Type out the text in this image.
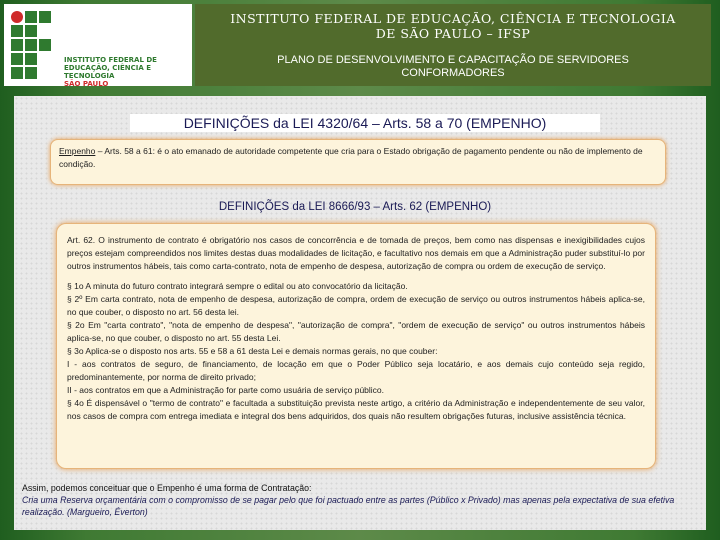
INSTITUTO FEDERAL DE
EDUCAÇÃO, CIÊNCIA E TECNOLOGIA
SÃO PAULO
INSTITUTO FEDERAL DE EDUCAÇÃO, CIÊNCIA E TECNOLOGIA
DE SÃO PAULO – IFSP
PLANO DE DESENVOLVIMENTO E CAPACITAÇÃO DE SERVIDORES
CONFORMADORES
DEFINIÇÕES da LEI 4320/64 – Arts. 58 a 70 (EMPENHO)

Empenho – Arts. 58 a 61: é o ato emanado de autoridade competente que cria para o Estado obrigação de pagamento pendente ou não de implemento de condição.

DEFINIÇÕES da LEI 8666/93 – Arts. 62 (EMPENHO)

Art. 62. O instrumento de contrato é obrigatório nos casos de concorrência e de tomada de preços, bem como nas dispensas e inexigibilidades cujos preços estejam compreendidos nos limites destas duas modalidades de licitação, e facultativo nos demais em que a Administração puder substituí-lo por outros instrumentos hábeis, tais como carta-contrato, nota de empenho de despesa, autorização de compra ou ordem de execução de serviço.

§ 1o A minuta do futuro contrato integrará sempre o edital ou ato convocatório da licitação.

§ 2º Em carta contrato, nota de empenho de despesa, autorização de compra, ordem de execução de serviço ou outros instrumentos hábeis aplica-se, no que couber, o disposto no art. 56 desta lei.

§ 2o Em "carta contrato", "nota de empenho de despesa", "autorização de compra", "ordem de execução de serviço" ou outros instrumentos hábeis aplica-se, no que couber, o disposto no art. 55 desta Lei.

§ 3o Aplica-se o disposto nos arts. 55 e 58 a 61 desta Lei e demais normas gerais, no que couber:

I - aos contratos de seguro, de financiamento, de locação em que o Poder Público seja locatário, e aos demais cujo conteúdo seja regido, predominantemente, por norma de direito privado;

II - aos contratos em que a Administração for parte como usuária de serviço público.

§ 4o É dispensável o "termo de contrato" e facultada a substituição prevista neste artigo, a critério da Administração e independentemente de seu valor, nos casos de compra com entrega imediata e integral dos bens adquiridos, dos quais não resultem obrigações futuras, inclusive assistência técnica.

Assim, podemos conceituar que o Empenho é uma forma de Contratação:
Cria uma Reserva orçamentária com o compromisso de se pagar pelo que foi pactuado entre as partes (Público x Privado) mas apenas pela expectativa de sua efetiva realização. (Margueiro, Éverton)
